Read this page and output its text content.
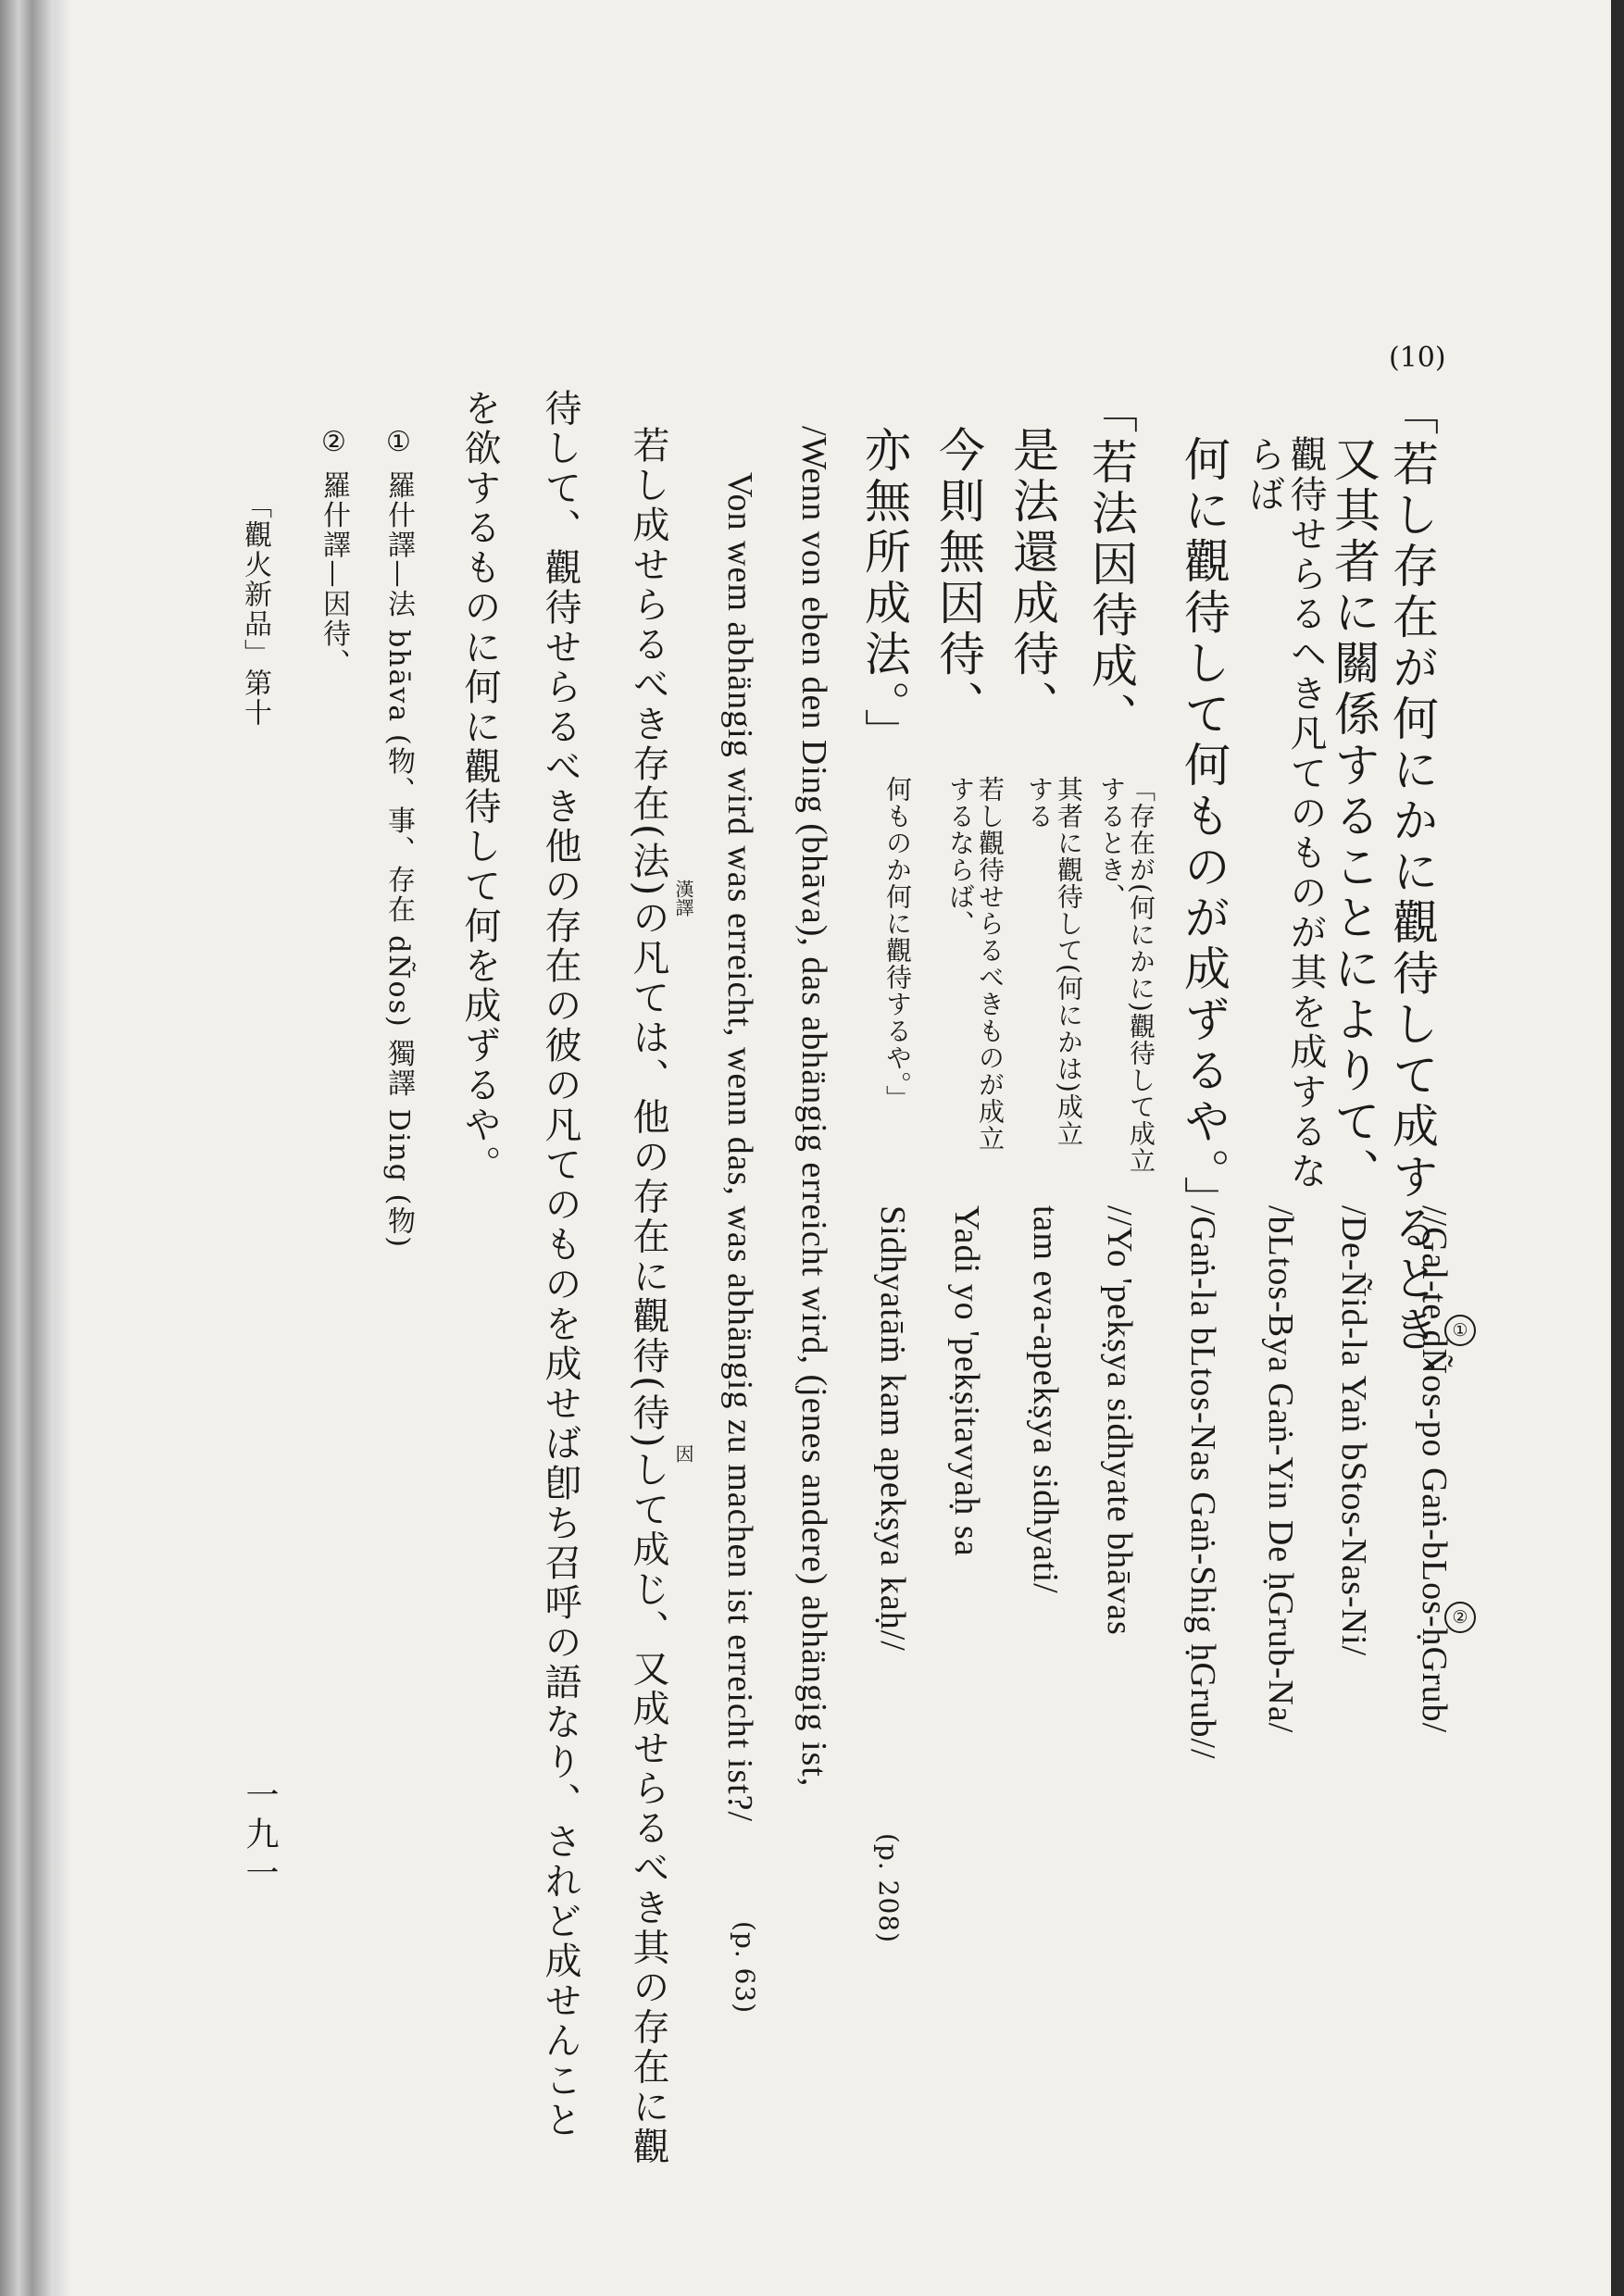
(10)
「若し存在が何にかに觀待して成するとき、
又其者に關係することによりて、
觀待せらるヘき凡てのものが其を成するな
らば
何に觀待して何ものが成ずるや。」
「若法因待成、
是法還成待、
今則無因待、
亦無所成法。」
「存在が(何にかに)觀待して成立
するとき、
其者に觀待して(何にかは)成立
する
若し觀待せらるべきものが成立
するならば、
何ものか何に觀待するや。」
//Gal-te dÑos-po Gaṅ-bLos-ḥGrub/
/De-Ñid-la Yaṅ bStos-Nas-Ni/
/bLtos-Bya Gaṅ-Yin De ḥGrub-Na/
/Gaṅ-la bLtos-Nas Gaṅ-Shig ḥGrub//
//Yo 'pekṣya sidhyate bhāvas
tam eva-apekṣya sidhyati/
Yadi yo 'pekṣitavyaḥ sa
Sidhyatāṁ kam apekṣya kaḥ//
(p. 208)
/Wenn von eben den Ding (bhāva), das abhängig erreicht wird, (jenes andere) abhängig ist,
Von wem abhängig wird was erreicht, wenn das, was abhängig zu machen ist erreicht ist?/
(p. 63)
若し成せらるべき存在(法)の凡ては、他の存在に觀待(待)して成じ、又成せらるべき其の存在に觀
待して、觀待せらるべき他の存在の彼の凡てのものを成せば卽ち召呼の語なり、されど成せんこと
を欲するものに何に觀待して何を成ずるや。	漢譯
因
①
②
① 羅什譯—法 bhāva (物、事、存在 dÑos) 獨譯 Ding (物)
② 羅什譯—因待、
「觀火新品」第十
一九一
